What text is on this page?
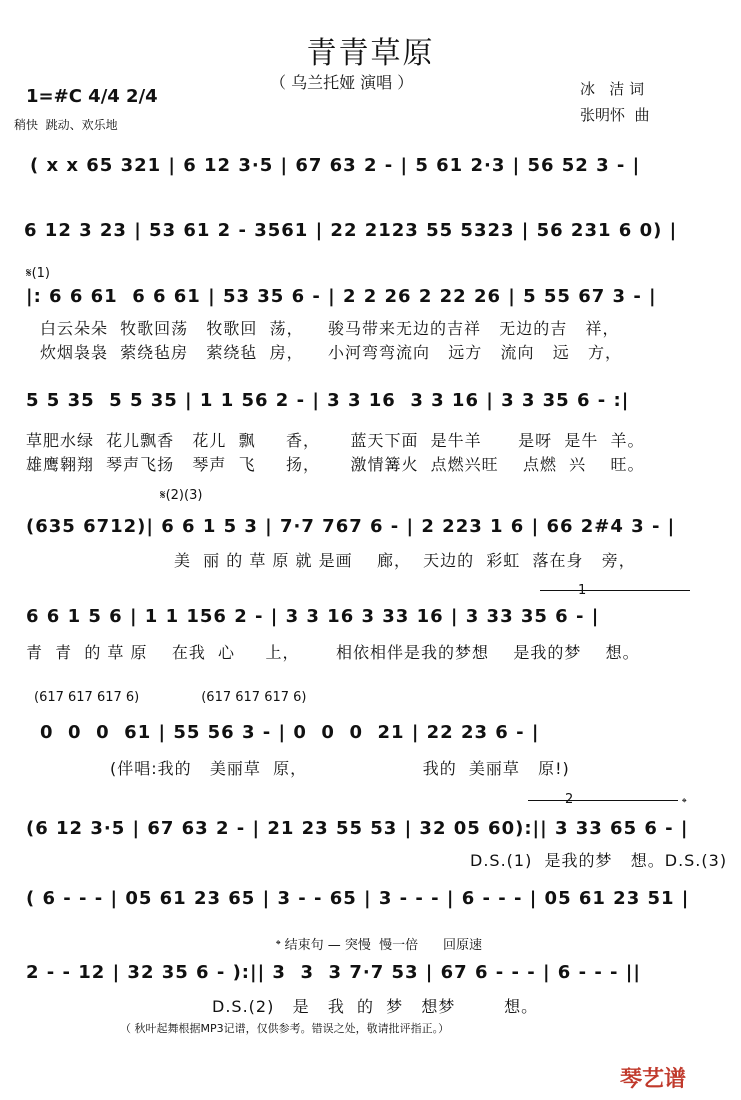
青青草原
（ 乌兰托娅 演唱 ）
1=#C 4/4 2/4
稍快  跳动、欢乐地
冰   洁 词
张明怀  曲
( x x 65 321 | 6 12 3·5 | 67 63 2 - | 5 61 2·3 | 56 52 3 - |
6 12 3 23 | 53 61 2 - 3561 | 22 2123 55 5323 | 56 231 6 0) |
𝄋(1)
|: 6 6 61  6 6 61 | 53 35 6 - | 2 2 26 2 22 26 | 5 55 67 3 - |
白云朵朵  牧歌回荡   牧歌回  荡，    骏马带来无边的吉祥   无边的吉   祥，
炊烟袅袅  萦绕毡房   萦绕毡  房，    小河弯弯流向   远方   流向   远   方，
5 5 35  5 5 35 | 1 1 56 2 - | 3 3 16  3 3 16 | 3 3 35 6 - :|
草肥水绿  花儿飘香   花儿  飘     香，     蓝天下面  是牛羊      是呀  是牛  羊。
雄鹰翱翔  琴声飞扬   琴声  飞     扬，     激情篝火  点燃兴旺    点燃  兴    旺。
𝄋(2)(3)
(635 6712)| 6 6 1 5 3 | 7·7 767 6 - | 2 223 1 6 | 66 2#4 3 - |
美  丽 的 草 原 就 是画    廊，  天边的  彩虹  落在身   旁，
1
6 6 1 5 6 | 1 1 156 2 - | 3 3 16 3 33 16 | 3 33 35 6 - |
青  青  的 草 原    在我  心     上，      相依相伴是我的梦想    是我的梦    想。
(617 617 617 6)               (617 617 617 6)
0  0  0  61 | 55 56 3 - | 0  0  0  21 | 22 23 6 - |
(伴唱:我的   美丽草  原，                   我的  美丽草   原!)
2	𝄌
(6 12 3·5 | 67 63 2 - | 21 23 55 53 | 32 05 60):|| 3 33 65 6 - |
D.S.(1)  是我的梦   想。D.S.(3)
( 6 - - - | 05 61 23 65 | 3 - - 65 | 3 - - - | 6 - - - | 05 61 23 51 |
𝄌 结束句 — 突慢  慢一倍      回原速
2 - - 12 | 32 35 6 - ):|| 3  3  3 7·7 53 | 67 6 - - - | 6 - - - ||
D.S.(2)   是   我  的  梦   想梦        想。
（ 秋叶起舞根据MP3记谱，仅供参考。错误之处，敬请批评指正。）
琴艺谱
